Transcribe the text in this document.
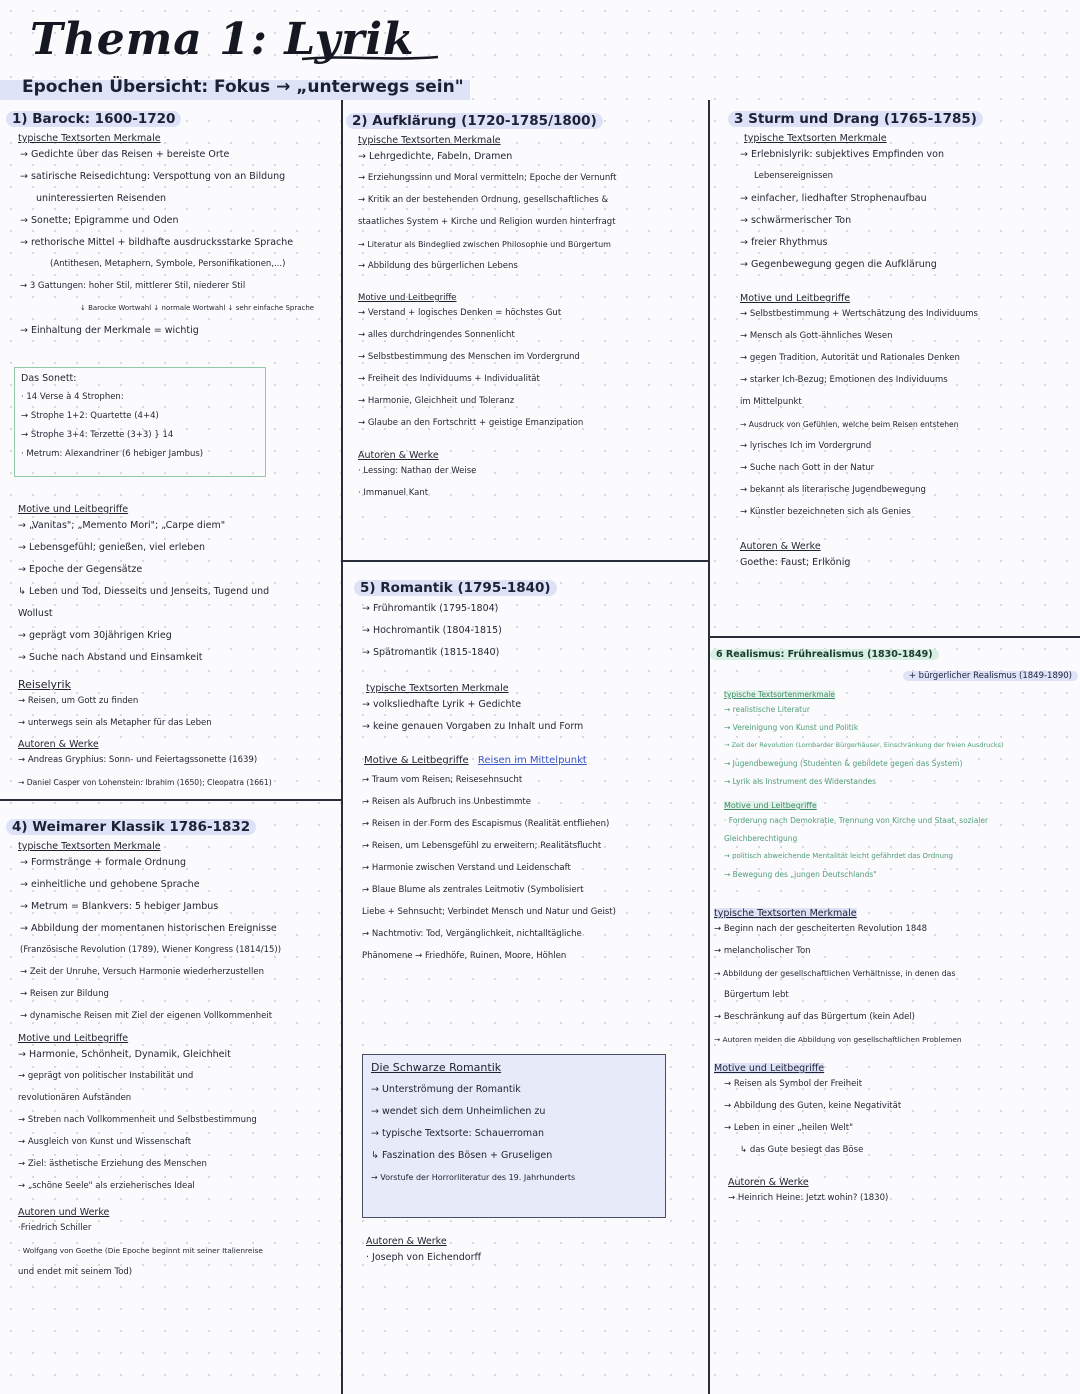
Thema 1: Lyrik
Epochen Übersicht: Fokus → „unterwegs sein"
1) Barock: 1600-1720
typische Textsorten Merkmale
→ Gedichte über das Reisen + bereiste Orte
→ satirische Reisedichtung: Verspottung von an Bildung
uninteressierten Reisenden
→ Sonette; Epigramme und Oden
→ rethorische Mittel + bildhafte ausdrucksstarke Sprache
(Antithesen, Metaphern, Symbole, Personifikationen,...)
→ 3 Gattungen: hoher Stil, mittlerer Stil, niederer Stil
↓ Barocke Wortwahl ↓ normale Wortwahl ↓ sehr einfache Sprache
→ Einhaltung der Merkmale = wichtig
Das Sonett:
· 14 Verse à 4 Strophen:
→ Strophe 1+2: Quartette (4+4)
→ Strophe 3+4: Terzette (3+3) } 14
· Metrum: Alexandriner (6 hebiger Jambus)
Motive und Leitbegriffe
→ „Vanitas"; „Memento Mori"; „Carpe diem"
→ Lebensgefühl; genießen, viel erleben
→ Epoche der Gegensätze
↳ Leben und Tod, Diesseits und Jenseits, Tugend und
Wollust
→ geprägt vom 30jährigen Krieg
→ Suche nach Abstand und Einsamkeit
Reiselyrik
→ Reisen, um Gott zu finden
→ unterwegs sein als Metapher für das Leben
Autoren & Werke
→ Andreas Gryphius: Sonn- und Feiertagssonette (1639)
→ Daniel Casper von Lohenstein: Ibrahim (1650); Cleopatra (1661)
4) Weimarer Klassik 1786-1832
typische Textsorten Merkmale
→ Formstränge + formale Ordnung
→ einheitliche und gehobene Sprache
→ Metrum = Blankvers: 5 hebiger Jambus
→ Abbildung der momentanen historischen Ereignisse
(Französische Revolution (1789), Wiener Kongress (1814/15))
→ Zeit der Unruhe, Versuch Harmonie wiederherzustellen
→ Reisen zur Bildung
→ dynamische Reisen mit Ziel der eigenen Vollkommenheit
Motive und Leitbegriffe
→ Harmonie, Schönheit, Dynamik, Gleichheit
→ geprägt von politischer Instabilität und
revolutionären Aufständen
→ Streben nach Vollkommenheit und Selbstbestimmung
→ Ausgleich von Kunst und Wissenschaft
→ Ziel: ästhetische Erziehung des Menschen
→ „schöne Seele" als erzieherisches Ideal
Autoren und Werke
·Friedrich Schiller
· Wolfgang von Goethe (Die Epoche beginnt mit seiner Italienreise
und endet mit seinem Tod)
2) Aufklärung (1720-1785/1800)
typische Textsorten Merkmale
→ Lehrgedichte, Fabeln, Dramen
→ Erziehungssinn und Moral vermitteln; Epoche der Vernunft
→ Kritik an der bestehenden Ordnung, gesellschaftliches &
staatliches System + Kirche und Religion wurden hinterfragt
→ Literatur als Bindeglied zwischen Philosophie und Bürgertum
→ Abbildung des bürgerlichen Lebens
Motive und Leitbegriffe
→ Verstand + logisches Denken = höchstes Gut
→ alles durchdringendes Sonnenlicht
→ Selbstbestimmung des Menschen im Vordergrund
→ Freiheit des Individuums + Individualität
→ Harmonie, Gleichheit und Toleranz
→ Glaube an den Fortschritt + geistige Emanzipation
Autoren & Werke
· Lessing: Nathan der Weise
· Immanuel Kant
5) Romantik (1795-1840)
→ Frühromantik (1795-1804)
→ Hochromantik (1804-1815)
→ Spätromantik (1815-1840)
typische Textsorten Merkmale
→ volksliedhafte Lyrik + Gedichte
→ keine genauen Vorgaben zu Inhalt und Form
Motive & Leitbegriffe Reisen im Mittelpunkt
→ Traum vom Reisen; Reisesehnsucht
→ Reisen als Aufbruch ins Unbestimmte
→ Reisen in der Form des Escapismus (Realität entfliehen)
→ Reisen, um Lebensgefühl zu erweitern; Realitätsflucht
→ Harmonie zwischen Verstand und Leidenschaft
→ Blaue Blume als zentrales Leitmotiv (Symbolisiert
Liebe + Sehnsucht; Verbindet Mensch und Natur und Geist)
→ Nachtmotiv: Tod, Vergänglichkeit, nichtalltägliche
Phänomene → Friedhöfe, Ruinen, Moore, Höhlen
Die Schwarze Romantik
→ Unterströmung der Romantik
→ wendet sich dem Unheimlichen zu
→ typische Textsorte: Schauerroman
↳ Faszination des Bösen + Gruseligen
→ Vorstufe der Horrorliteratur des 19. Jahrhunderts
Autoren & Werke
· Joseph von Eichendorff
3 Sturm und Drang (1765-1785)
typische Textsorten Merkmale
→ Erlebnislyrik: subjektives Empfinden von
Lebensereignissen
→ einfacher, liedhafter Strophenaufbau
→ schwärmerischer Ton
→ freier Rhythmus
→ Gegenbewegung gegen die Aufklärung
Motive und Leitbegriffe
→ Selbstbestimmung + Wertschätzung des Individuums
→ Mensch als Gott-ähnliches Wesen
→ gegen Tradition, Autorität und Rationales Denken
→ starker Ich-Bezug; Emotionen des Individuums
im Mittelpunkt
→ Ausdruck von Gefühlen, welche beim Reisen entstehen
→ lyrisches Ich im Vordergrund
→ Suche nach Gott in der Natur
→ bekannt als literarische Jugendbewegung
→ Künstler bezeichneten sich als Genies
Autoren & Werke
Goethe: Faust; Erlkönig
6 Realismus: Frührealismus (1830-1849)
+ bürgerlicher Realismus (1849-1890)
typische Textsortenmerkmale
→ realistische Literatur
→ Vereinigung von Kunst und Politik
→ Zeit der Revolution (Lombarder Bürgerhäuser, Einschränkung der freien Ausdrucks)
→ Jugendbewegung (Studenten & gebildete gegen das System)
→ Lyrik als Instrument des Widerstandes
Motive und Leitbegriffe
· Forderung nach Demokratie, Trennung von Kirche und Staat, sozialer
Gleichberechtigung
→ politisch abweichende Mentalität leicht gefährdet das Ordnung
→ Bewegung des „jungen Deutschlands"
typische Textsorten Merkmale
→ Beginn nach der gescheiterten Revolution 1848
→ melancholischer Ton
→ Abbildung der gesellschaftlichen Verhältnisse, in denen das
Bürgertum lebt
→ Beschränkung auf das Bürgertum (kein Adel)
→ Autoren meiden die Abbildung von gesellschaftlichen Problemen
Motive und Leitbegriffe
→ Reisen als Symbol der Freiheit
→ Abbildung des Guten, keine Negativität
→ Leben in einer „heilen Welt"
↳ das Gute besiegt das Böse
Autoren & Werke
→ Heinrich Heine: Jetzt wohin? (1830)
